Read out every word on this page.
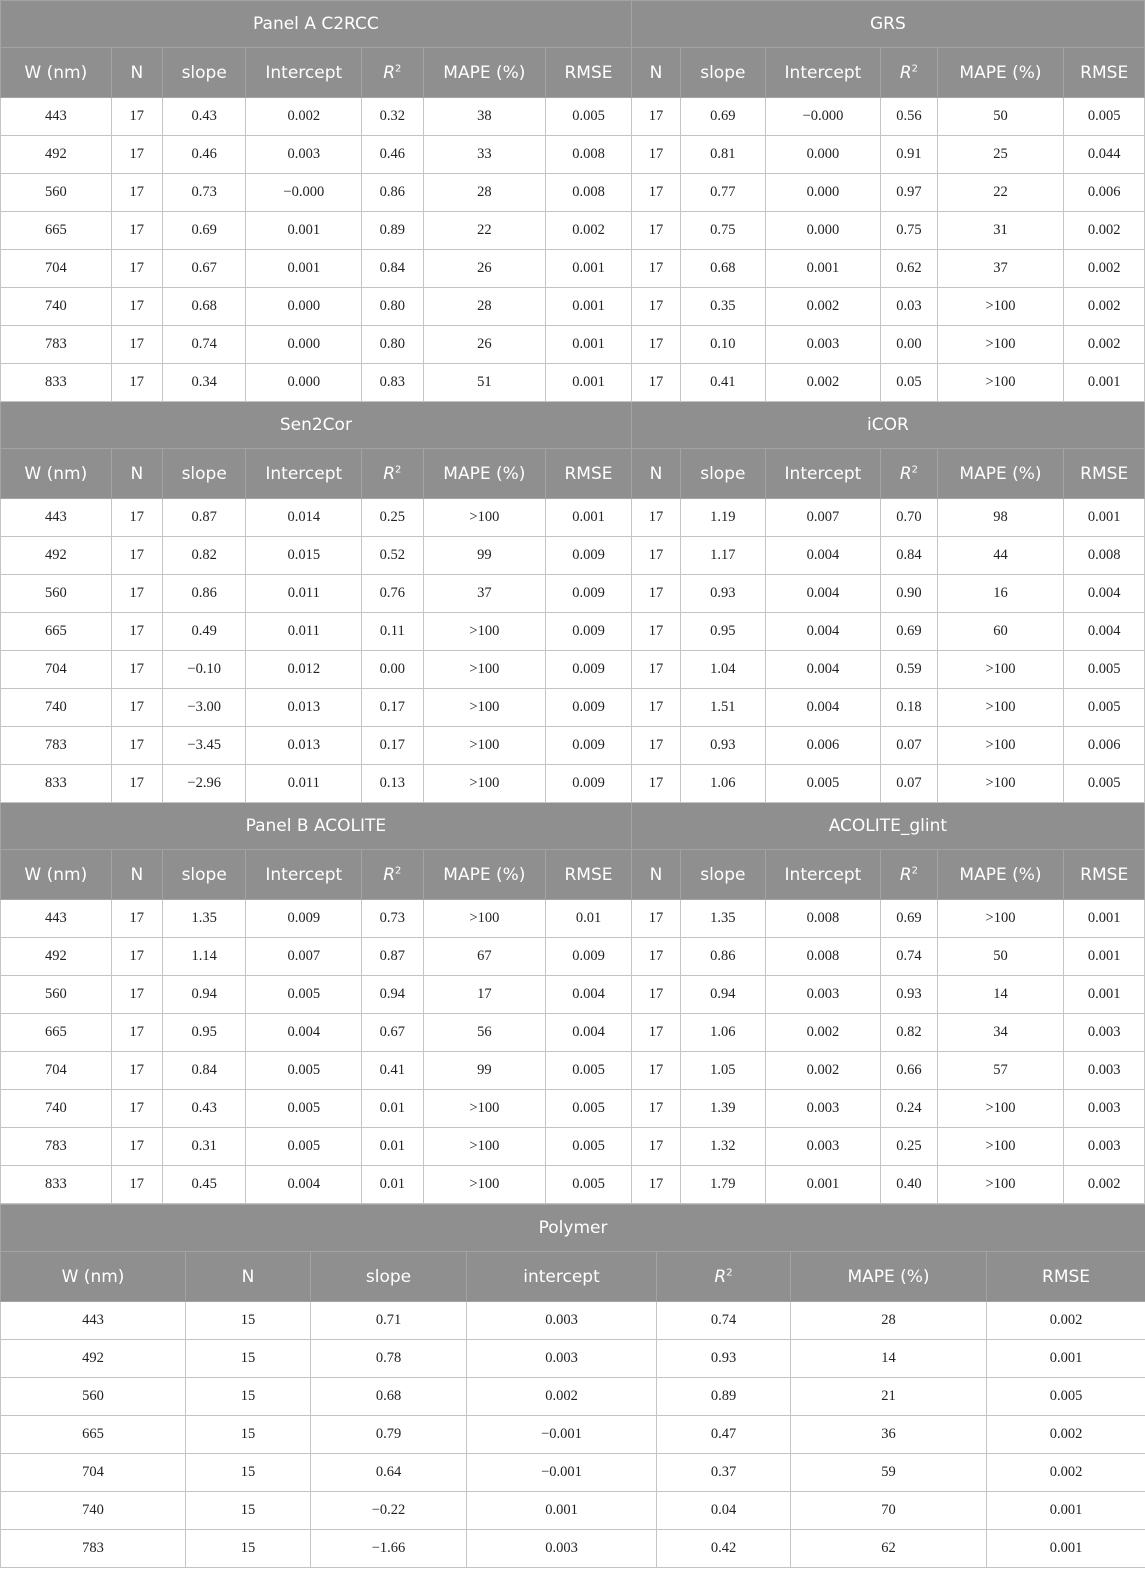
Panel A C2RCC							GRS					
W (nm)	N	slope	Intercept	$R^2$	MAPE (%)	RMSE	N	slope	Intercept	$R^2$	MAPE (%)	RMSE
443	17	0.43	0.002	0.32	38	0.005	17	0.69	−0.000	0.56	50	0.005
492	17	0.46	0.003	0.46	33	0.008	17	0.81	0.000	0.91	25	0.044
560	17	0.73	−0.000	0.86	28	0.008	17	0.77	0.000	0.97	22	0.006
665	17	0.69	0.001	0.89	22	0.002	17	0.75	0.000	0.75	31	0.002
704	17	0.67	0.001	0.84	26	0.001	17	0.68	0.001	0.62	37	0.002
740	17	0.68	0.000	0.80	28	0.001	17	0.35	0.002	0.03	>100	0.002
783	17	0.74	0.000	0.80	26	0.001	17	0.10	0.003	0.00	>100	0.002
833	17	0.34	0.000	0.83	51	0.001	17	0.41	0.002	0.05	>100	0.001
Sen2Cor							iCOR					
W (nm)	N	slope	Intercept	$R^2$	MAPE (%)	RMSE	N	slope	Intercept	$R^2$	MAPE (%)	RMSE
443	17	0.87	0.014	0.25	>100	0.001	17	1.19	0.007	0.70	98	0.001
492	17	0.82	0.015	0.52	99	0.009	17	1.17	0.004	0.84	44	0.008
560	17	0.86	0.011	0.76	37	0.009	17	0.93	0.004	0.90	16	0.004
665	17	0.49	0.011	0.11	>100	0.009	17	0.95	0.004	0.69	60	0.004
704	17	−0.10	0.012	0.00	>100	0.009	17	1.04	0.004	0.59	>100	0.005
740	17	−3.00	0.013	0.17	>100	0.009	17	1.51	0.004	0.18	>100	0.005
783	17	−3.45	0.013	0.17	>100	0.009	17	0.93	0.006	0.07	>100	0.006
833	17	−2.96	0.011	0.13	>100	0.009	17	1.06	0.005	0.07	>100	0.005
Panel B ACOLITE							ACOLITE_glint					
W (nm)	N	slope	Intercept	$R^2$	MAPE (%)	RMSE	N	slope	Intercept	$R^2$	MAPE (%)	RMSE
443	17	1.35	0.009	0.73	>100	0.01	17	1.35	0.008	0.69	>100	0.001
492	17	1.14	0.007	0.87	67	0.009	17	0.86	0.008	0.74	50	0.001
560	17	0.94	0.005	0.94	17	0.004	17	0.94	0.003	0.93	14	0.001
665	17	0.95	0.004	0.67	56	0.004	17	1.06	0.002	0.82	34	0.003
704	17	0.84	0.005	0.41	99	0.005	17	1.05	0.002	0.66	57	0.003
740	17	0.43	0.005	0.01	>100	0.005	17	1.39	0.003	0.24	>100	0.003
783	17	0.31	0.005	0.01	>100	0.005	17	1.32	0.003	0.25	>100	0.003
833	17	0.45	0.004	0.01	>100	0.005	17	1.79	0.001	0.40	>100	0.002
Polymer						
W (nm)	N	slope	intercept	$R^2$	MAPE (%)	RMSE
443	15	0.71	0.003	0.74	28	0.002
492	15	0.78	0.003	0.93	14	0.001
560	15	0.68	0.002	0.89	21	0.005
665	15	0.79	−0.001	0.47	36	0.002
704	15	0.64	−0.001	0.37	59	0.002
740	15	−0.22	0.001	0.04	70	0.001
783	15	−1.66	0.003	0.42	62	0.001
